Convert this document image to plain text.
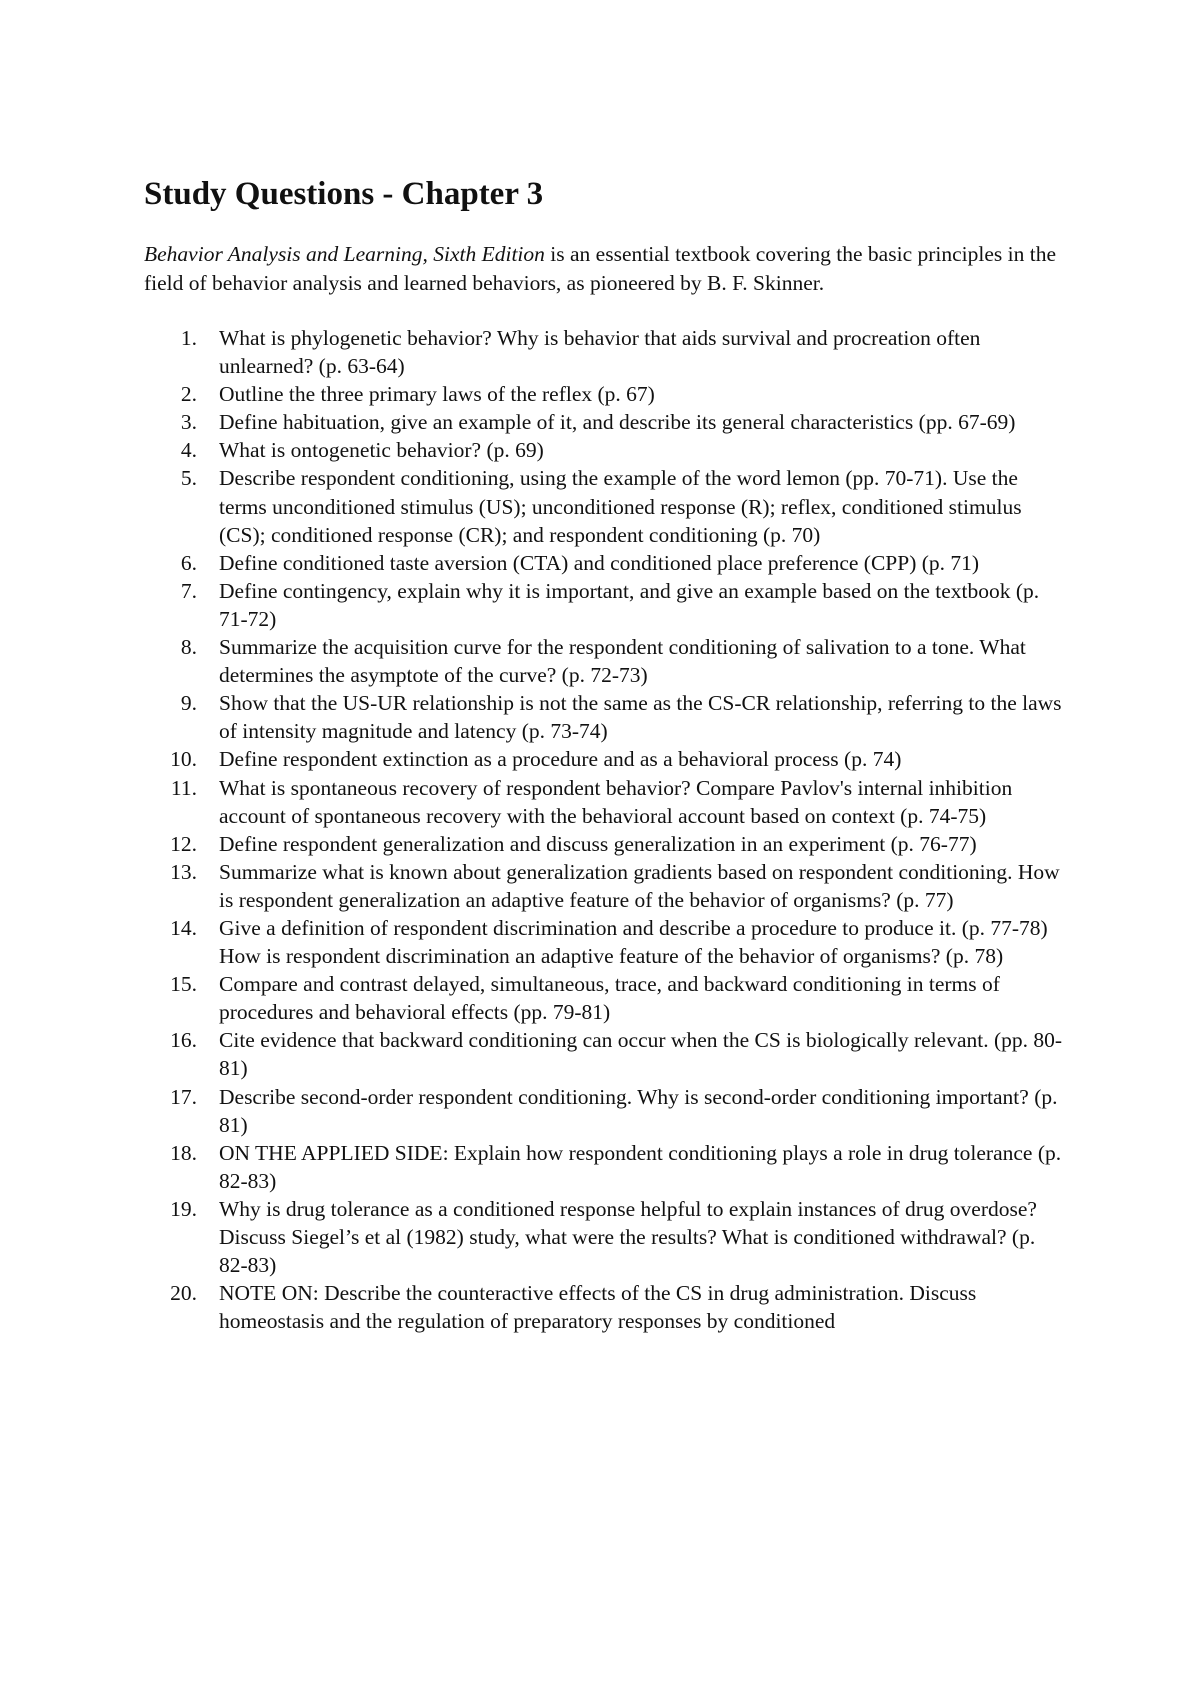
Study Questions - Chapter 3

Behavior Analysis and Learning, Sixth Edition is an essential textbook covering the basic principles in the field of behavior analysis and learned behaviors, as pioneered by B. F. Skinner.

1. What is phylogenetic behavior? Why is behavior that aids survival and procreation often unlearned? (p. 63-64)
2. Outline the three primary laws of the reflex (p. 67)
3. Define habituation, give an example of it, and describe its general characteristics (pp. 67-69)
4. What is ontogenetic behavior? (p. 69)
5. Describe respondent conditioning, using the example of the word lemon (pp. 70-71). Use the terms unconditioned stimulus (US); unconditioned response (R); reflex, conditioned stimulus (CS); conditioned response (CR); and respondent conditioning (p. 70)
6. Define conditioned taste aversion (CTA) and conditioned place preference (CPP) (p. 71)
7. Define contingency, explain why it is important, and give an example based on the textbook (p. 71-72)
8. Summarize the acquisition curve for the respondent conditioning of salivation to a tone. What determines the asymptote of the curve? (p. 72-73)
9. Show that the US-UR relationship is not the same as the CS-CR relationship, referring to the laws of intensity magnitude and latency (p. 73-74)
10. Define respondent extinction as a procedure and as a behavioral process (p. 74)
11. What is spontaneous recovery of respondent behavior? Compare Pavlov's internal inhibition account of spontaneous recovery with the behavioral account based on context (p. 74-75)
12. Define respondent generalization and discuss generalization in an experiment (p. 76-77)
13. Summarize what is known about generalization gradients based on respondent conditioning. How is respondent generalization an adaptive feature of the behavior of organisms? (p. 77)
14. Give a definition of respondent discrimination and describe a procedure to produce it. (p. 77-78) How is respondent discrimination an adaptive feature of the behavior of organisms? (p. 78)
15. Compare and contrast delayed, simultaneous, trace, and backward conditioning in terms of procedures and behavioral effects (pp. 79-81)
16. Cite evidence that backward conditioning can occur when the CS is biologically relevant. (pp. 80-81)
17. Describe second-order respondent conditioning. Why is second-order conditioning important? (p. 81)
18. ON THE APPLIED SIDE: Explain how respondent conditioning plays a role in drug tolerance (p. 82-83)
19. Why is drug tolerance as a conditioned response helpful to explain instances of drug overdose? Discuss Siegel’s et al (1982) study, what were the results? What is conditioned withdrawal? (p. 82-83)
20. NOTE ON: Describe the counteractive effects of the CS in drug administration. Discuss homeostasis and the regulation of preparatory responses by conditioned
